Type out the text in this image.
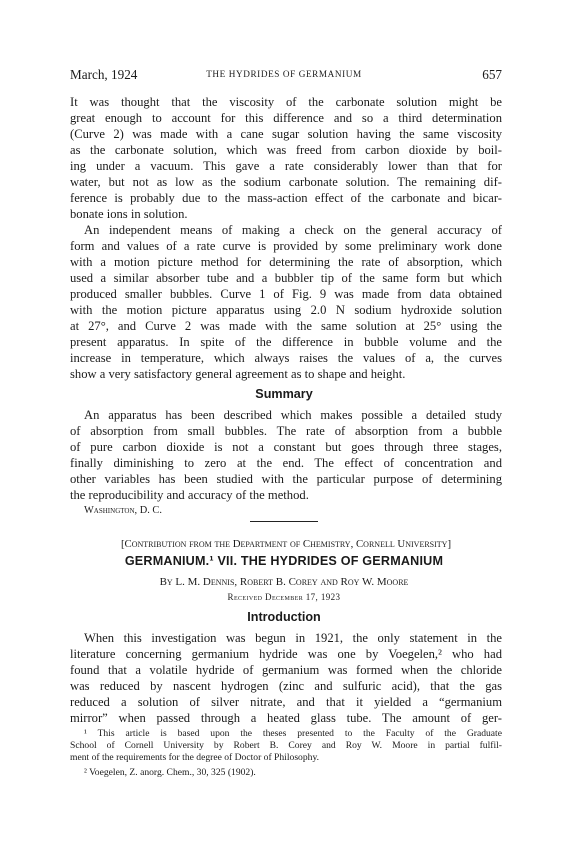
March, 1924	THE HYDRIDES OF GERMANIUM	657
It was thought that the viscosity of the carbonate solution might be
great enough to account for this difference and so a third determination
(Curve 2) was made with a cane sugar solution having the same viscosity
as the carbonate solution, which was freed from carbon dioxide by boil-
ing under a vacuum. This gave a rate considerably lower than that for
water, but not as low as the sodium carbonate solution. The remaining dif-
ference is probably due to the mass-action effect of the carbonate and bicar-
bonate ions in solution.
An independent means of making a check on the general accuracy of
form and values of a rate curve is provided by some preliminary work done
with a motion picture method for determining the rate of absorption, which
used a similar absorber tube and a bubbler tip of the same form but which
produced smaller bubbles. Curve 1 of Fig. 9 was made from data obtained
with the motion picture apparatus using 2.0 N sodium hydroxide solution
at 27°, and Curve 2 was made with the same solution at 25° using the
present apparatus. In spite of the difference in bubble volume and the
increase in temperature, which always raises the values of a, the curves
show a very satisfactory general agreement as to shape and height.
Summary
An apparatus has been described which makes possible a detailed study
of absorption from small bubbles. The rate of absorption from a bubble
of pure carbon dioxide is not a constant but goes through three stages,
finally diminishing to zero at the end. The effect of concentration and
other variables has been studied with the particular purpose of determining
the reproducibility and accuracy of the method.
Washington, D. C.
[Contribution from the Department of Chemistry, Cornell University]
GERMANIUM.¹ VII. THE HYDRIDES OF GERMANIUM
By L. M. Dennis, Robert B. Corey and Roy W. Moore
Received December 17, 1923
Introduction
When this investigation was begun in 1921, the only statement in the
literature concerning germanium hydride was one by Voegelen,² who had
found that a volatile hydride of germanium was formed when the chloride
was reduced by nascent hydrogen (zinc and sulfuric acid), that the gas
reduced a solution of silver nitrate, and that it yielded a “germanium
mirror” when passed through a heated glass tube. The amount of ger-
¹ This article is based upon the theses presented to the Faculty of the Graduate
School of Cornell University by Robert B. Corey and Roy W. Moore in partial fulfil-
ment of the requirements for the degree of Doctor of Philosophy.
² Voegelen, Z. anorg. Chem., 30, 325 (1902).
